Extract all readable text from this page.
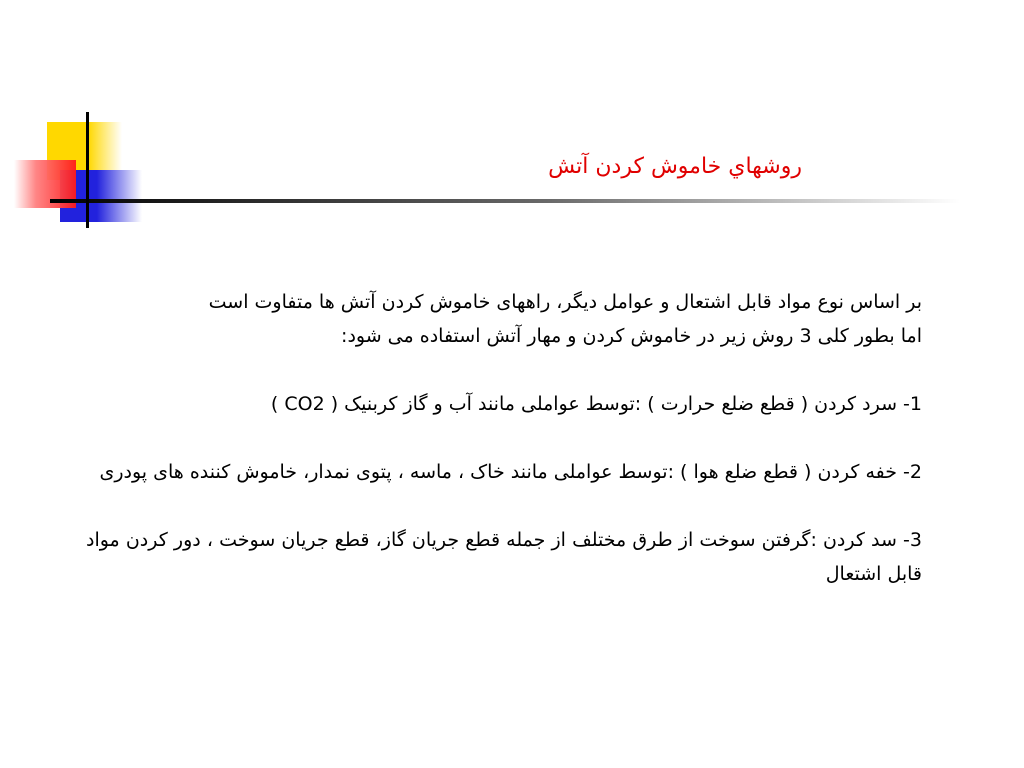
روشهاي خاموش كردن آتش
بر اساس نوع مواد قابل اشتعال و عوامل دیگر، راههای خاموش کردن آتش ها متفاوت است
اما بطور کلی 3 روش زیر در خاموش کردن و مهار آتش استفاده می شود:
1- سرد کردن ( قطع ضلع حرارت ) :توسط عواملی مانند آب و گاز کربنیک ( CO2 )
2- خفه کردن ( قطع ضلع هوا ) :توسط عواملی مانند خاک ، ماسه ، پتوی نمدار، خاموش کننده های پودری
3- سد کردن :گرفتن سوخت از طرق مختلف از جمله قطع جریان گاز، قطع جریان سوخت ، دور کردن مواد قابل اشتعال
